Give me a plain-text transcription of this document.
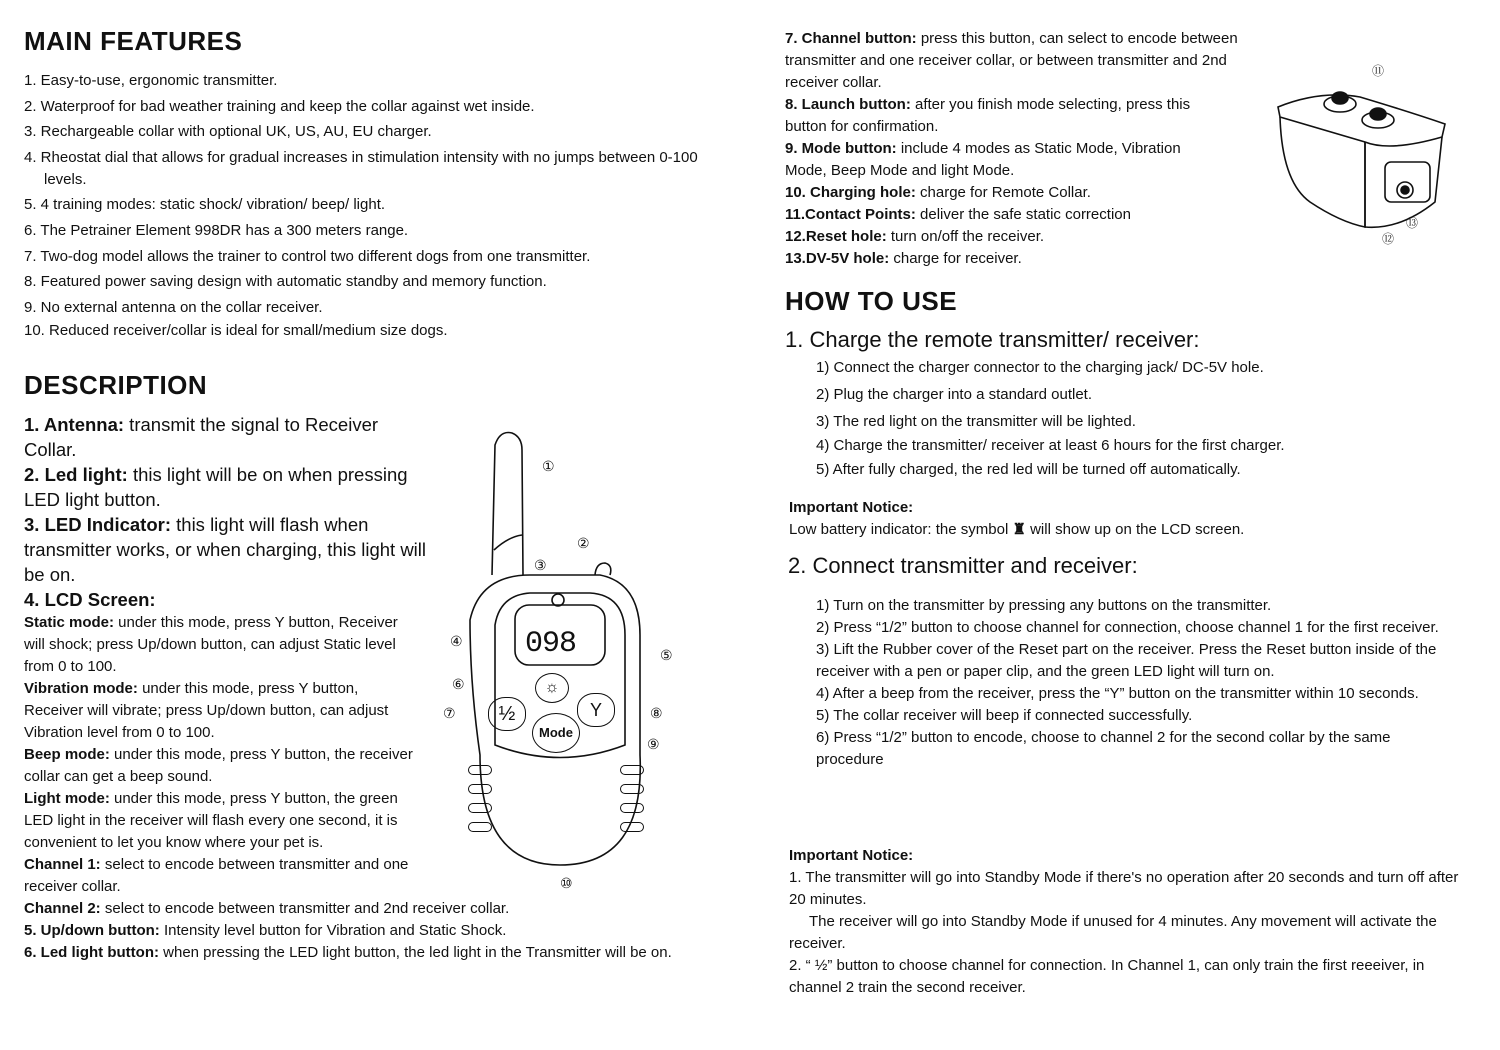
MAIN FEATURES
1. Easy-to-use, ergonomic transmitter.
2. Waterproof for bad weather training and keep the collar against wet inside.
3. Rechargeable collar with optional UK, US, AU, EU charger.
4. Rheostat dial that allows for gradual increases in stimulation intensity with no jumps between 0-100 levels.
5. 4 training modes: static shock/ vibration/ beep/ light.
6. The Petrainer Element 998DR has a 300 meters range.
7. Two-dog model allows the trainer to control two different dogs from one transmitter.
8. Featured power saving design with automatic standby and memory function.
9. No external antenna on the collar receiver.
10. Reduced receiver/collar is ideal for small/medium size dogs.
DESCRIPTION
1. Antenna: transmit the signal to Receiver Collar.
2. Led light: this light will be on when pressing LED light button.
3. LED Indicator: this light will flash when transmitter works, or when charging, this light will be on.
4. LCD Screen:
Static mode: under this mode, press Y button, Receiver will shock; press Up/down button, can adjust Static level from 0 to 100.
Vibration mode: under this mode, press Y button, Receiver will vibrate; press Up/down button, can adjust Vibration level from 0 to 100.
Beep mode: under this mode, press Y button, the receiver collar can get a beep sound.
Light mode: under this mode, press Y button, the green LED light in the receiver will flash every one second, it is convenient to let you know where your pet is.
Channel 1: select to encode between transmitter and one receiver collar.
Channel 2: select to encode between transmitter and 2nd receiver collar.
5. Up/down button: Intensity level button for Vibration and Static Shock.
6. Led light button: when pressing the LED light button, the led light in the Transmitter will be on.
098
☼
½	Y
Mode
①
②
③
④
⑤
⑥
⑦	⑧
⑨
⑩
7. Channel button: press this button, can select to encode between transmitter and one receiver collar, or between transmitter and 2nd receiver collar.
8. Launch button: after you finish mode selecting, press this button for confirmation.
9. Mode button: include 4 modes as Static Mode, Vibration Mode, Beep Mode and light Mode.
10. Charging hole: charge for Remote Collar.
11.Contact Points: deliver the safe static correction
12.Reset hole: turn on/off the receiver.
13.DV-5V hole: charge for receiver.
⑪
⑫
⑬
HOW TO USE
1. Charge the remote transmitter/ receiver:
1) Connect the charger connector to the charging jack/ DC-5V hole.
2) Plug the charger into a standard outlet.
3) The red light on the transmitter will be lighted.
4) Charge the transmitter/ receiver at least 6 hours for the first charger.
5) After fully charged, the red led will be turned off automatically.
Important Notice:
Low battery indicator: the symbol ♜ will show up on the LCD screen.
2. Connect transmitter and receiver:
1) Turn on the transmitter by pressing any buttons on the transmitter.
2) Press “1/2” button to choose channel for connection, choose channel 1 for the first receiver.
3) Lift the Rubber cover of the Reset part on the receiver. Press the Reset button inside of the receiver with a pen or paper clip, and the green LED light will turn on.
4) After a beep from the receiver, press the “Y” button on the transmitter within 10 seconds.
5) The collar receiver will beep if connected successfully.
6) Press “1/2” button to encode, choose to channel 2 for the second collar by the same procedure
Important Notice:
1. The transmitter will go into Standby Mode if there's no operation after 20 seconds and turn off after 20 minutes.
The receiver will go into Standby Mode if unused for 4 minutes. Any movement will activate the receiver.
2. “ ½” button to choose channel for connection. In Channel 1, can only train the first reeeiver, in channel 2 train the second receiver.
